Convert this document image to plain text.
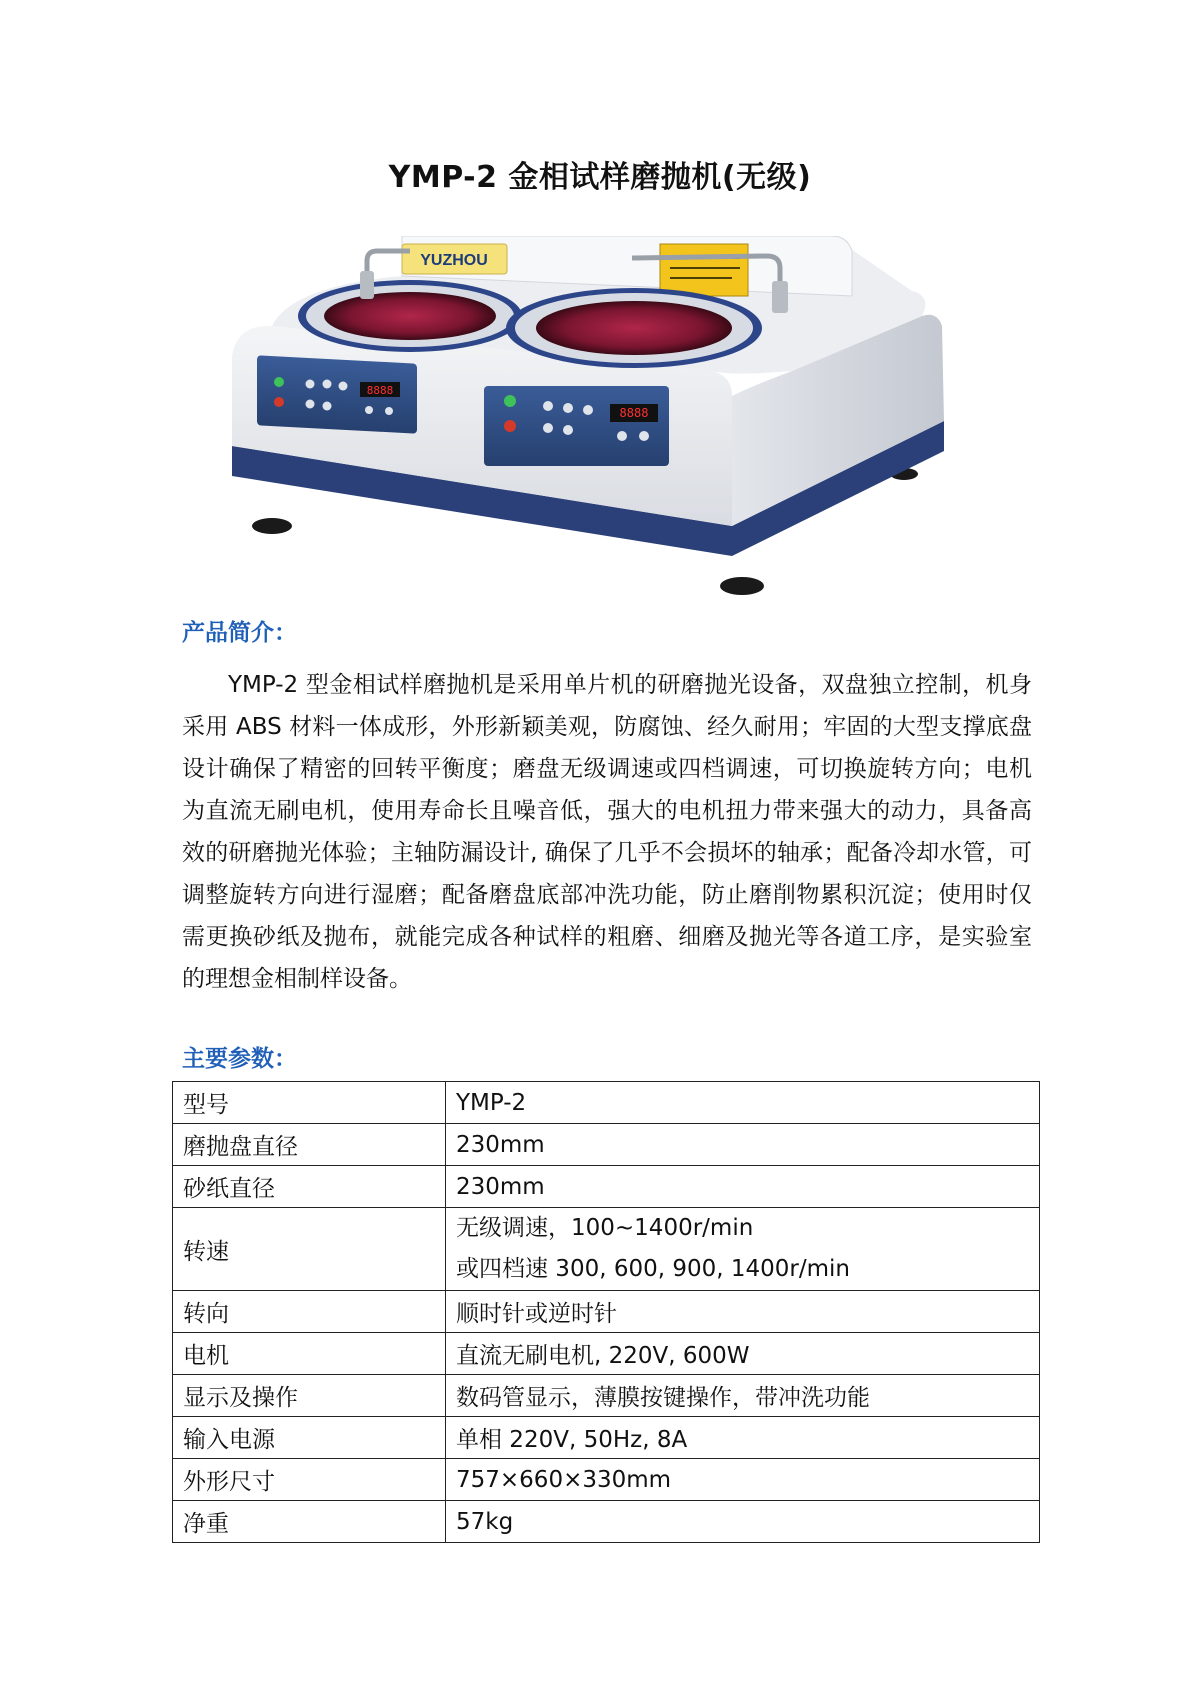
YMP-2 金相试样磨抛机(无级)
YUZHOU
8888
8888
产品简介：
YMP-2 型金相试样磨抛机是采用单片机的研磨抛光设备，双盘独立控制，机身采用 ABS 材料一体成形，外形新颖美观，防腐蚀、经久耐用；牢固的大型支撑底盘设计确保了精密的回转平衡度；磨盘无级调速或四档调速，可切换旋转方向；电机为直流无刷电机，使用寿命长且噪音低，强大的电机扭力带来强大的动力，具备高效的研磨抛光体验；主轴防漏设计, 确保了几乎不会损坏的轴承；配备冷却水管，可调整旋转方向进行湿磨；配备磨盘底部冲洗功能，防止磨削物累积沉淀；使用时仅需更换砂纸及抛布，就能完成各种试样的粗磨、细磨及抛光等各道工序，是实验室的理想金相制样设备。
主要参数：
型号	YMP-2
磨抛盘直径	230mm
砂纸直径	230mm
转速	无级调速，100~1400r/min
或四档速 300, 600, 900, 1400r/min

转向	顺时针或逆时针
电机	直流无刷电机, 220V, 600W
显示及操作	数码管显示，薄膜按键操作，带冲洗功能
输入电源	单相 220V, 50Hz, 8A
外形尺寸	757×660×330mm
净重	57kg
